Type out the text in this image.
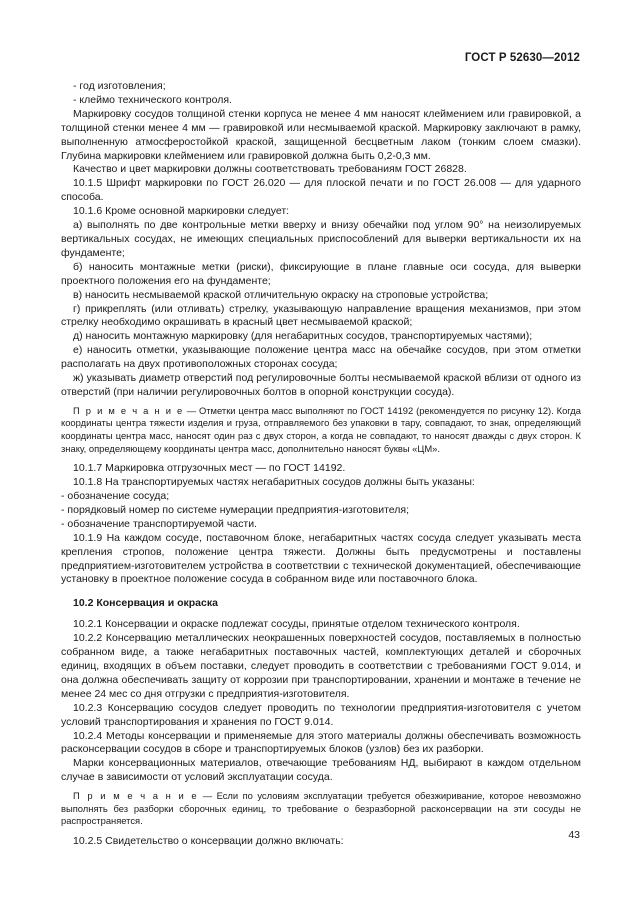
ГОСТ Р 52630—2012

- год изготовления;

- клеймо технического контроля.

Маркировку сосудов толщиной стенки корпуса не менее 4 мм наносят клеймением или гравировкой, а толщиной стенки менее 4 мм — гравировкой или несмываемой краской. Маркировку заключают в рамку, выполненную атмосферостойкой краской, защищенной бесцветным лаком (тонким слоем смазки). Глубина маркировки клеймением или гравировкой должна быть 0,2-0,3 мм.

Качество и цвет маркировки должны соответствовать требованиям ГОСТ 26828.

10.1.5 Шрифт маркировки по ГОСТ 26.020 — для плоской печати и по ГОСТ 26.008 — для ударного способа.

10.1.6 Кроме основной маркировки следует:

а) выполнять по две контрольные метки вверху и внизу обечайки под углом 90° на неизолируемых вертикальных сосудах, не имеющих специальных приспособлений для выверки вертикальности их на фундаменте;

б) наносить монтажные метки (риски), фиксирующие в плане главные оси сосуда, для выверки проектного положения его на фундаменте;

в) наносить несмываемой краской отличительную окраску на строповые устройства;

г) прикреплять (или отливать) стрелку, указывающую направление вращения механизмов, при этом стрелку необходимо окрашивать в красный цвет несмываемой краской;

д) наносить монтажную маркировку (для негабаритных сосудов, транспортируемых частями);

е) наносить отметки, указывающие положение центра масс на обечайке сосудов, при этом отметки располагать на двух противоположных сторонах сосуда;

ж) указывать диаметр отверстий под регулировочные болты несмываемой краской вблизи от одного из отверстий (при наличии регулировочных болтов в опорной конструкции сосуда).

П р и м е ч а н и е — Отметки центра масс выполняют по ГОСТ 14192 (рекомендуется по рисунку 12). Когда координаты центра тяжести изделия и груза, отправляемого без упаковки в тару, совпадают, то знак, определяющий координаты центра масс, наносят один раз с двух сторон, а когда не совпадают, то наносят дважды с двух сторон. К знаку, определяющему координаты центра масс, дополнительно наносят буквы «ЦМ».

10.1.7 Маркировка отгрузочных мест — по ГОСТ 14192.

10.1.8 На транспортируемых частях негабаритных сосудов должны быть указаны:

- обозначение сосуда;

- порядковый номер по системе нумерации предприятия-изготовителя;

- обозначение транспортируемой части.

10.1.9 На каждом сосуде, поставочном блоке, негабаритных частях сосуда следует указывать места крепления стропов, положение центра тяжести. Должны быть предусмотрены и поставлены предприятием-изготовителем устройства в соответствии с технической документацией, обеспечивающие установку в проектное положение сосуда в собранном виде или поставочного блока.

10.2 Консервация и окраска

10.2.1 Консервации и окраске подлежат сосуды, принятые отделом технического контроля.

10.2.2 Консервацию металлических неокрашенных поверхностей сосудов, поставляемых в полностью собранном виде, а также негабаритных поставочных частей, комплектующих деталей и сборочных единиц, входящих в объем поставки, следует проводить в соответствии с требованиями ГОСТ 9.014, и она должна обеспечивать защиту от коррозии при транспортировании, хранении и монтаже в течение не менее 24 мес со дня отгрузки с предприятия-изготовителя.

10.2.3 Консервацию сосудов следует проводить по технологии предприятия-изготовителя с учетом условий транспортирования и хранения по ГОСТ 9.014.

10.2.4 Методы консервации и применяемые для этого материалы должны обеспечивать возможность расконсервации сосудов в сборе и транспортируемых блоков (узлов) без их разборки.

Марки консервационных материалов, отвечающие требованиям НД, выбирают в каждом отдельном случае в зависимости от условий эксплуатации сосуда.

П р и м е ч а н и е — Если по условиям эксплуатации требуется обезжиривание, которое невозможно выполнять без разборки сборочных единиц, то требование о безразборной расконсервации на эти сосуды не распространяется.

10.2.5 Свидетельство о консервации должно включать:	43
